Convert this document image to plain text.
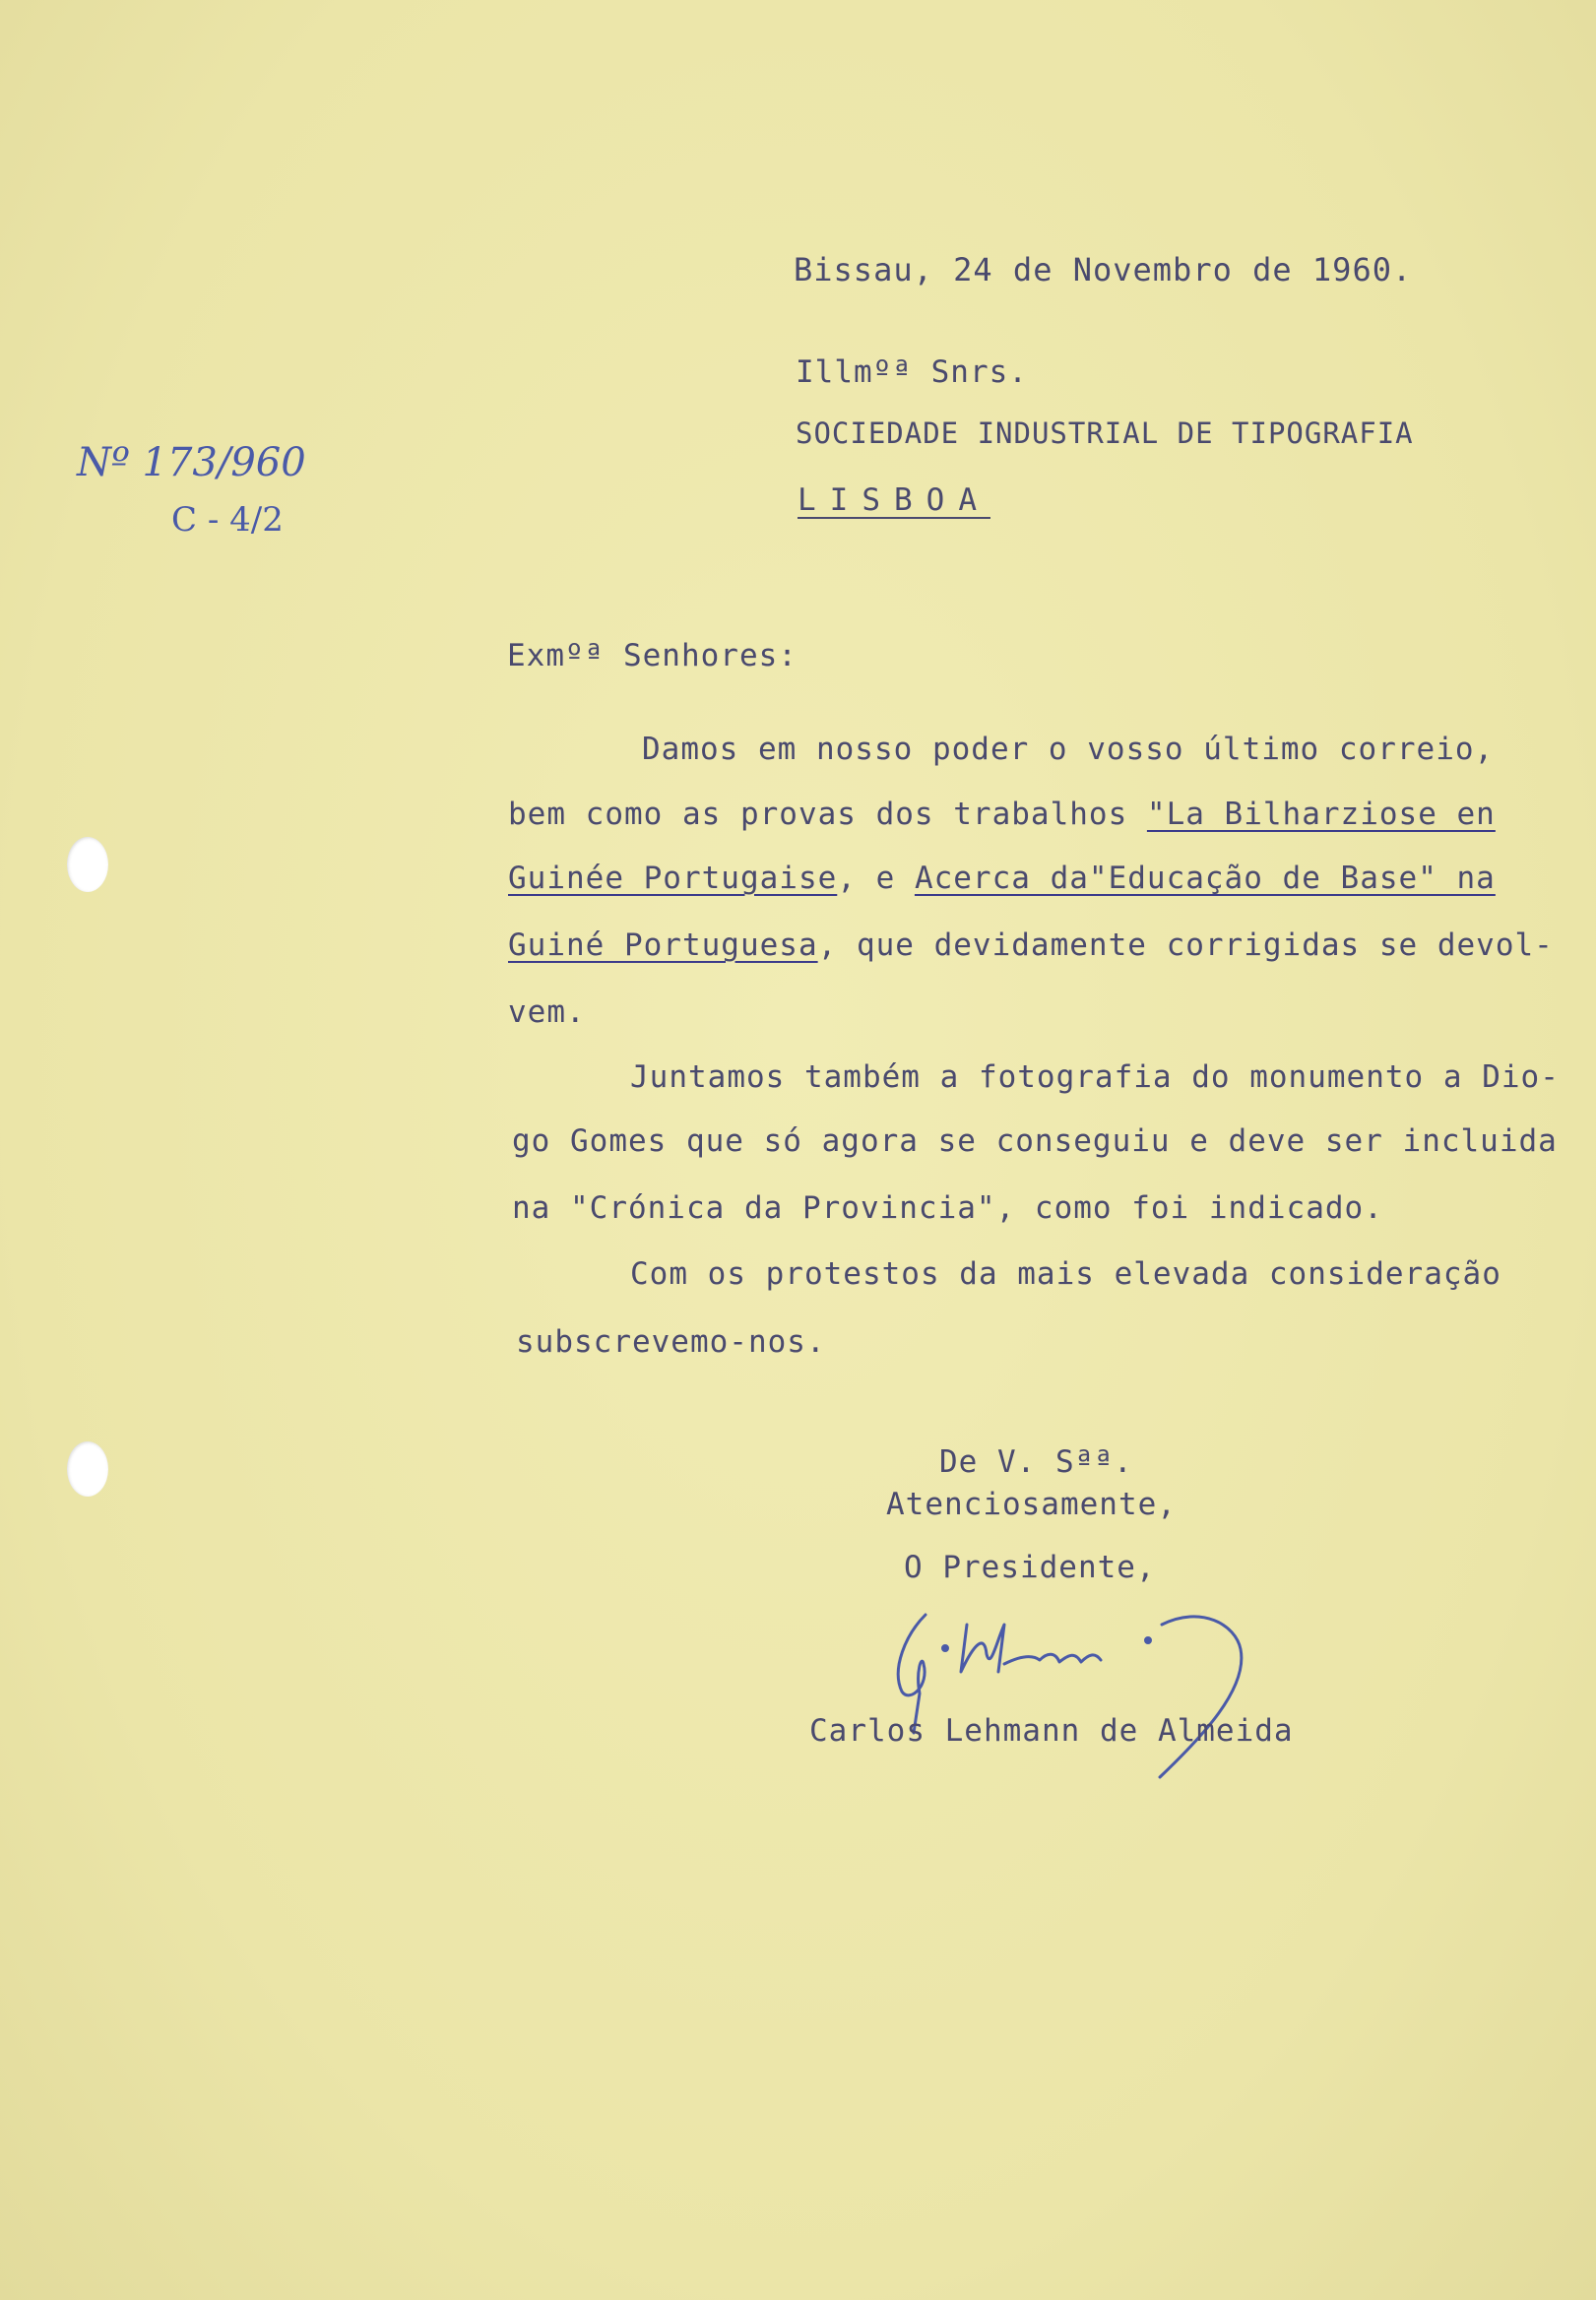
Bissau, 24 de Novembro de 1960.
Nº 173/960
C - 4/2
Illmºª Snrs.
SOCIEDADE INDUSTRIAL DE TIPOGRAFIA
LISBOA
Exmºª Senhores:
Damos em nosso poder o vosso último correio,
bem como as provas dos trabalhos "La Bilharziose en
Guinée Portugaise, e Acerca da"Educação de Base" na
Guiné Portuguesa, que devidamente corrigidas se devol-
vem.
Juntamos também a fotografia do monumento a Dio-
go Gomes que só agora se conseguiu e deve ser incluida
na "Crónica da Provincia", como foi indicado.
Com os protestos da mais elevada consideração
subscrevemo-nos.
De V. Sªª.
Atenciosamente,
O Presidente,
Carlos Lehmann de Almeida
